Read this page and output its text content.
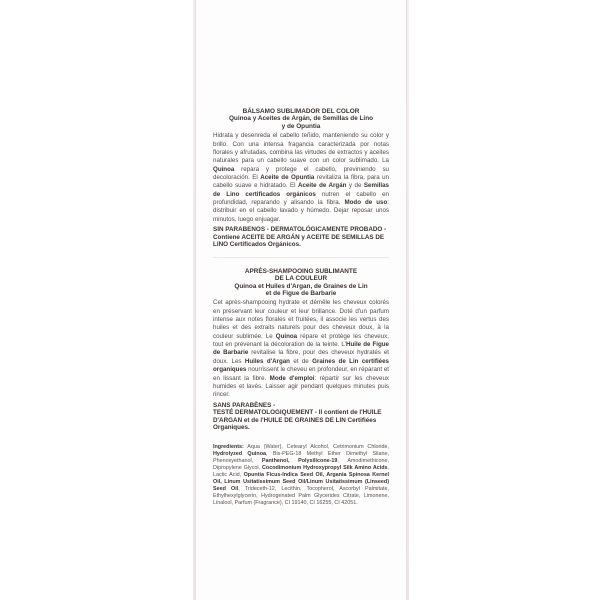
BÁLSAMO SUBLIMADOR DEL COLOR
Quinoa y Aceites de Argán, de Semillas de Lino
y de Opuntia
Hidrata y desenreda el cabello teñido, manteniendo su color y brillo. Con una intensa fragancia caracterizada por notas florales y afrutadas, combina las virtudes de extractos y aceites naturales para un cabello suave con un color sublimado. La Quinoa repara y protege el cabello, previniendo su decoloración. El Aceite de Opuntia revitaliza la fibra, para un cabello suave e hidratado. El Aceite de Argán y de Semillas de Lino certificados orgánicos nutren el cabello en profundidad, reparando y alisando la fibra. Modo de uso: distribuir en el cabello lavado y húmedo. Dejar reposar unos minutos, luego enjuagar.
SIN PARABENOS - DERMATOLÓGICAMENTE PROBADO - Contiene ACEITE DE ARGÁN y ACEITE DE SEMILLAS DE LINO Certificados Orgánicos.
APRÈS-SHAMPOOING SUBLIMANTE
DE LA COULEUR
Quinoa et Huiles d'Argan, de Graines de Lin
et de Figue de Barbarie
Cet après-shampooing hydrate et démêle les cheveux colorés en préservant leur couleur et leur brillance. Doté d'un parfum intense aux notes florales et fruitées, il associe les vertus des huiles et des extraits naturels pour des cheveux doux, à la couleur sublimée. Le Quinoa répare et protège les cheveux, tout en prévenant la décoloration de la teinte. L'Huile de Figue de Barbarie revitalise la fibre, pour des cheveux hydratés et doux. Les Huiles d'Argan et de Graines de Lin certifiées organiques nourrissent le cheveu en profondeur, en réparant et en lissant la fibre. Mode d'emploi: répartir sur les cheveux humides et lavés. Laisser agir pendant quelques minutes puis rincer.
SANS PARABÈNES -
TESTÉ DERMATOLOGIQUEMENT - Il contient de l'HUILE D'ARGAN et de l'HUILE DE GRAINES DE LIN Certifiées Organiques.
Ingredients: Aqua (Water), Cetearyl Alcohol, Cetrimonium Chloride, Hydrolyzed Quinoa, Bis-PEG-18 Methyl Ether Dimethyl Silane, Phenoxyethanol, Panthenol, Polysilicone-19, Amodimethicone, Dipropylene Glycol, Cocodimonium Hydroxypropyl Silk Amino Acids, Lactic Acid, Opuntia Ficus-Indica Seed Oil, Argania Spinosa Kernel Oil, Linum Usitatissimum Seed Oil/Linum Usitatissimum (Linseed) Seed Oil, Trideceth-12, Lecithin, Tocopherol, Ascorbyl Palmitate, Ethylhexylglycerin, Hydrogenated Palm Glycerides Citrate, Limonene, Linalool, Parfum (Fragrance), CI 19140, CI 16255, CI 42051.
